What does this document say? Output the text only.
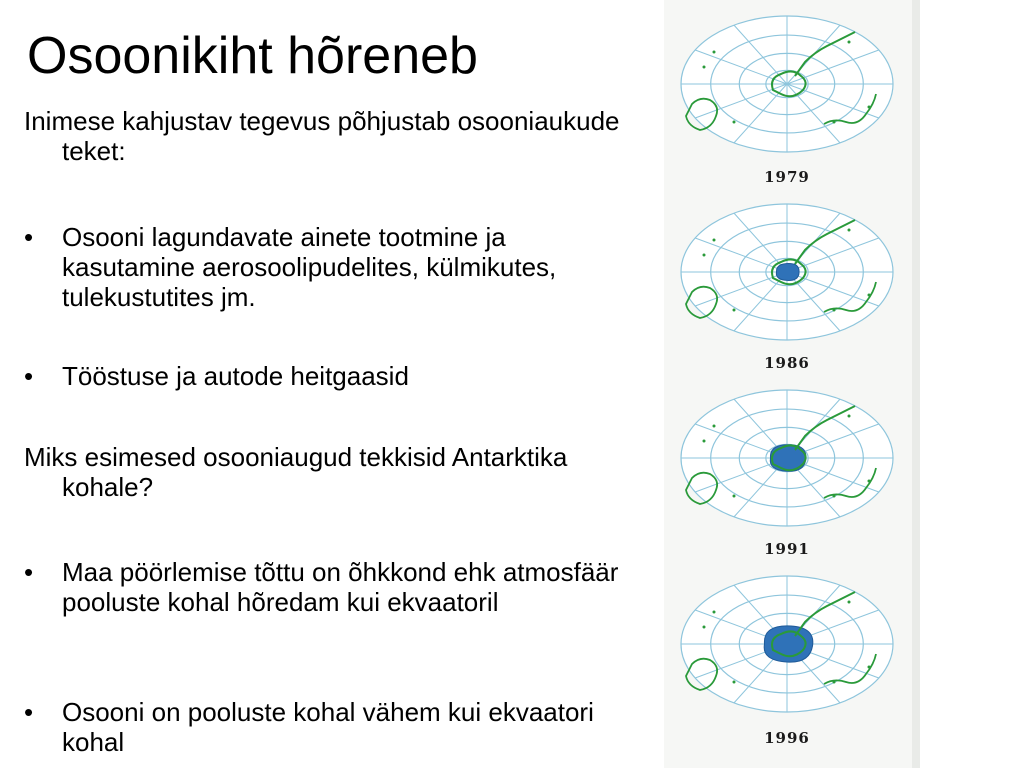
Osoonikiht hõreneb
Inimese kahjustav tegevus põhjustab osooniaukude teket:
• Osooni lagundavate ainete tootmine ja kasutamine aerosoolipudelites, külmikutes, tulekustutites jm.
• Tööstuse ja autode heitgaasid
Miks esimesed osooniaugud tekkisid Antarktika kohale?
• Maa pöörlemise tõttu on õhkkond ehk atmosfäär pooluste kohal hõredam kui ekvaatoril
• Osooni on pooluste kohal vähem kui ekvaatori kohal
1979
1986
1991
1996
